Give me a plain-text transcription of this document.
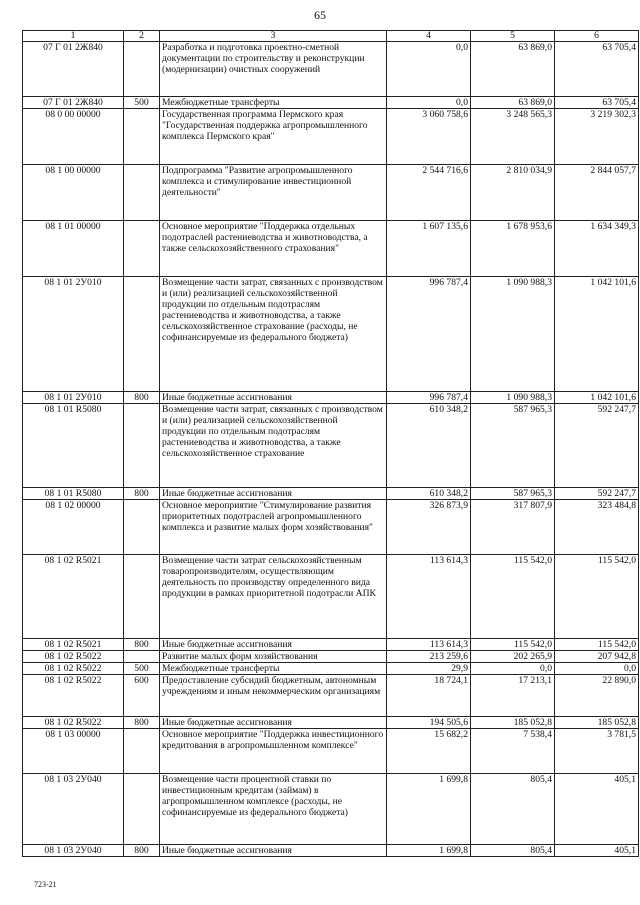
65
1	2	3	4	5	6
07 Г 01 2Ж840		Разработка и подготовка проектно-сметной документации по строительству и реконструкции (модернизации) очистных сооружений	0,0	63 869,0	63 705,4
07 Г 01 2Ж840	500	Межбюджетные трансферты	0,0	63 869,0	63 705,4
08 0 00 00000		Государственная программа Пермского края "Государственная поддержка агропромышленного комплекса Пермского края"	3 060 758,6	3 248 565,3	3 219 302,3
08 1 00 00000		Подпрограмма "Развитие агропромышленного комплекса и стимулирование инвестиционной деятельности"	2 544 716,6	2 810 034,9	2 844 057,7
08 1 01 00000		Основное мероприятие "Поддержка отдельных подотраслей растениеводства и животноводства, а также сельскохозяйственного страхования"	1 607 135,6	1 678 953,6	1 634 349,3
08 1 01 2У010		Возмещение части затрат, связанных с производством и (или) реализацией сельскохозяйственной продукции по отдельным подотраслям растениеводства и животноводства, а также сельскохозяйственное страхование (расходы, не софинансируемые из федерального бюджета)	996 787,4	1 090 988,3	1 042 101,6
08 1 01 2У010	800	Иные бюджетные ассигнования	996 787,4	1 090 988,3	1 042 101,6
08 1 01 R5080		Возмещение части затрат, связанных с производством и (или) реализацией сельскохозяйственной продукции по отдельным подотраслям растениеводства и животноводства, а также сельскохозяйственное страхование	610 348,2	587 965,3	592 247,7
08 1 01 R5080	800	Иные бюджетные ассигнования	610 348,2	587 965,3	592 247,7
08 1 02 00000		Основное мероприятие "Стимулирование развития приоритетных подотраслей агропромышленного комплекса и развитие малых форм хозяйствования"	326 873,9	317 807,9	323 484,8
08 1 02 R5021		Возмещение части затрат сельскохозяйственным товаропроизводителям, осуществляющим деятельность по производству определенного вида продукции в рамках приоритетной подотрасли АПК	113 614,3	115 542,0	115 542,0
08 1 02 R5021	800	Иные бюджетные ассигнования	113 614,3	115 542,0	115 542,0
08 1 02 R5022		Развитие малых форм хозяйствования	213 259,6	202 265,9	207 942,8
08 1 02 R5022	500	Межбюджетные трансферты	29,9	0,0	0,0
08 1 02 R5022	600	Предоставление субсидий бюджетным, автономным учреждениям и иным некоммерческим организациям	18 724,1	17 213,1	22 890,0
08 1 02 R5022	800	Иные бюджетные ассигнования	194 505,6	185 052,8	185 052,8
08 1 03 00000		Основное мероприятие "Поддержка инвестиционного кредитования в агропромышленном комплексе"	15 682,2	7 538,4	3 781,5
08 1 03 2У040		Возмещение части процентной ставки по инвестиционным кредитам (займам) в агропромышленном комплексе (расходы, не софинансируемые из федерального бюджета)	1 699,8	805,4	405,1
08 1 03 2У040	800	Иные бюджетные ассигнования	1 699,8	805,4	405,1
723-21
